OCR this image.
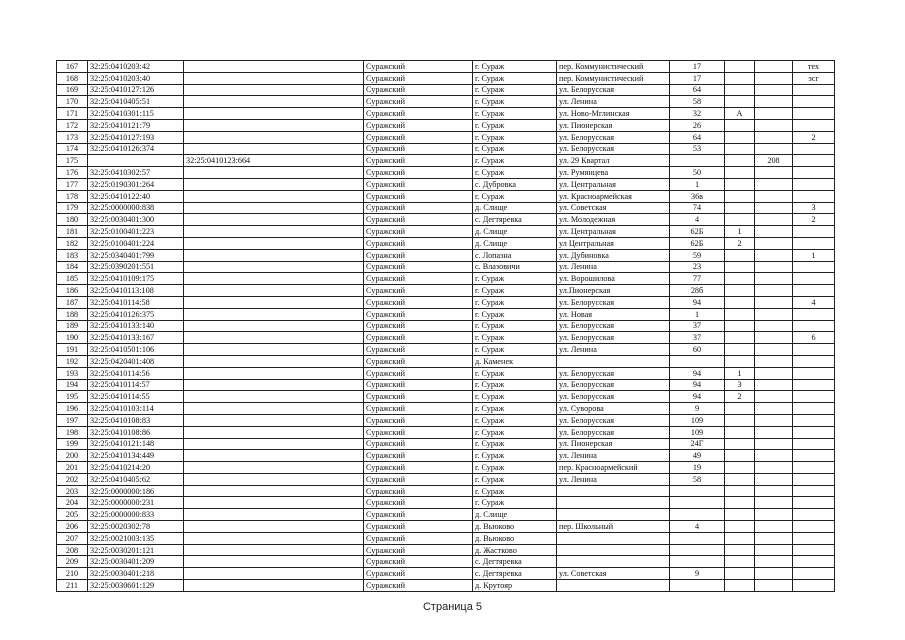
167	32:25:0410203:42		Суражский	г. Сураж	пер. Коммунистический	17			тех
168	32:25:0410203:40		Суражский	г. Сураж	пер. Коммунистический	17			эсг
169	32:25:0410127:126		Суражский	г. Сураж	ул. Белорусская	64			
170	32:25:0410405:51		Суражский	г. Сураж	ул. Ленина	58			
171	32:25:0410301:115		Суражский	г. Сураж	ул. Ново-Мглинская	32	А		
172	32:25:0410121:79		Суражский	г. Сураж	ул. Пионерская	26			
173	32:25:0410127:193		Суражский	г. Сураж	ул. Белорусская	64			2
174	32:25:0410126:374		Суражский	г. Сураж	ул. Белорусская	53			
175		32:25:0410123:664	Суражский	г. Сураж	ул. 29 Квартал			208	
176	32:25:0410302:57		Суражский	г. Сураж	ул. Румянцева	50			
177	32:25:0190301:264		Суражский	с. Дубровка	ул. Центральная	1			
178	32:25:0410122:40		Суражский	г. Сураж	ул. Красноармейская	36в			
179	32:25:0000000:838		Суражский	д. Слище	ул. Советская	74			3
180	32:25:0030401:300		Суражский	с. Дегтяревка	ул. Молодежная	4			2
181	32:25:0100401:223		Суражский	д. Слище	ул. Центральная	62Б	1		
182	32:25:0100401:224		Суражский	д. Слище	ул Центральная	62Б	2		
183	32:25:0340401:799		Суражский	с. Лопазна	ул. Дубиновка	59			1
184	32:25:0390201:551		Суражский	с. Влазовичи	ул. Ленина	23			
185	32:25:0410109:175		Суражский	г. Сураж	ул. Ворошилова	77			
186	32:25:0410113:108		Суражский	г. Сураж	ул.Пионерская	28б			
187	32:25:0410114:58		Суражский	г. Сураж	ул. Белорусская	94			4
188	32:25:0410126:375		Суражский	г. Сураж	ул. Новая	1			
189	32:25:0410133:140		Суражский	г. Сураж	ул. Белорусская	37			
190	32:25:0410133:167		Суражский	г. Сураж	ул. Белорусская	37			6
191	32:25:0410501:106		Суражский	г. Сураж	ул. Ленина	60			
192	32:25:0420401:408		Суражский	д. Каменек					
193	32:25:0410114:56		Суражский	г. Сураж	ул. Белорусская	94	1		
194	32:25:0410114:57		Суражский	г. Сураж	ул. Белорусская	94	3		
195	32:25:0410114:55		Суражский	г. Сураж	ул. Белорусская	94	2		
196	32:25:0410103:114		Суражский	г. Сураж	ул. Суворова	9			
197	32:25:0410108:83		Суражский	г. Сураж	ул. Белорусская	109			
198	32:25:0410108:86		Суражский	г. Сураж	ул. Белорусская	109			
199	32:25:0410121:148		Суражский	г. Сураж	ул. Пионерская	24Г			
200	32:25:0410134:449		Суражский	г. Сураж	ул. Ленина	49			
201	32:25:0410214:20		Суражский	г. Сураж	пер. Красноармейский	19			
202	32:25:0410405:62		Суражский	г. Сураж	ул. Ленина	58			
203	32:25:0000000:186		Суражский	г. Сураж					
204	32:25:0000000:231		Суражский	г. Сураж					
205	32:25:0000000:833		Суражский	д. Слище					
206	32:25:0020302:78		Суражский	д. Вьюково	пер. Школьный	4			
207	32:25:0021003:135		Суражский	д. Вьюково					
208	32:25:0030201:121		Суражский	д. Жастково					
209	32:25:0030401:209		Суражский	с. Дегтяревка					
210	32:25:0030401:218		Суражский	с. Дегтяревка	ул. Советская	9			
211	32:25:0030601:129		Суражский	д. Крутояр					
Страница 5
